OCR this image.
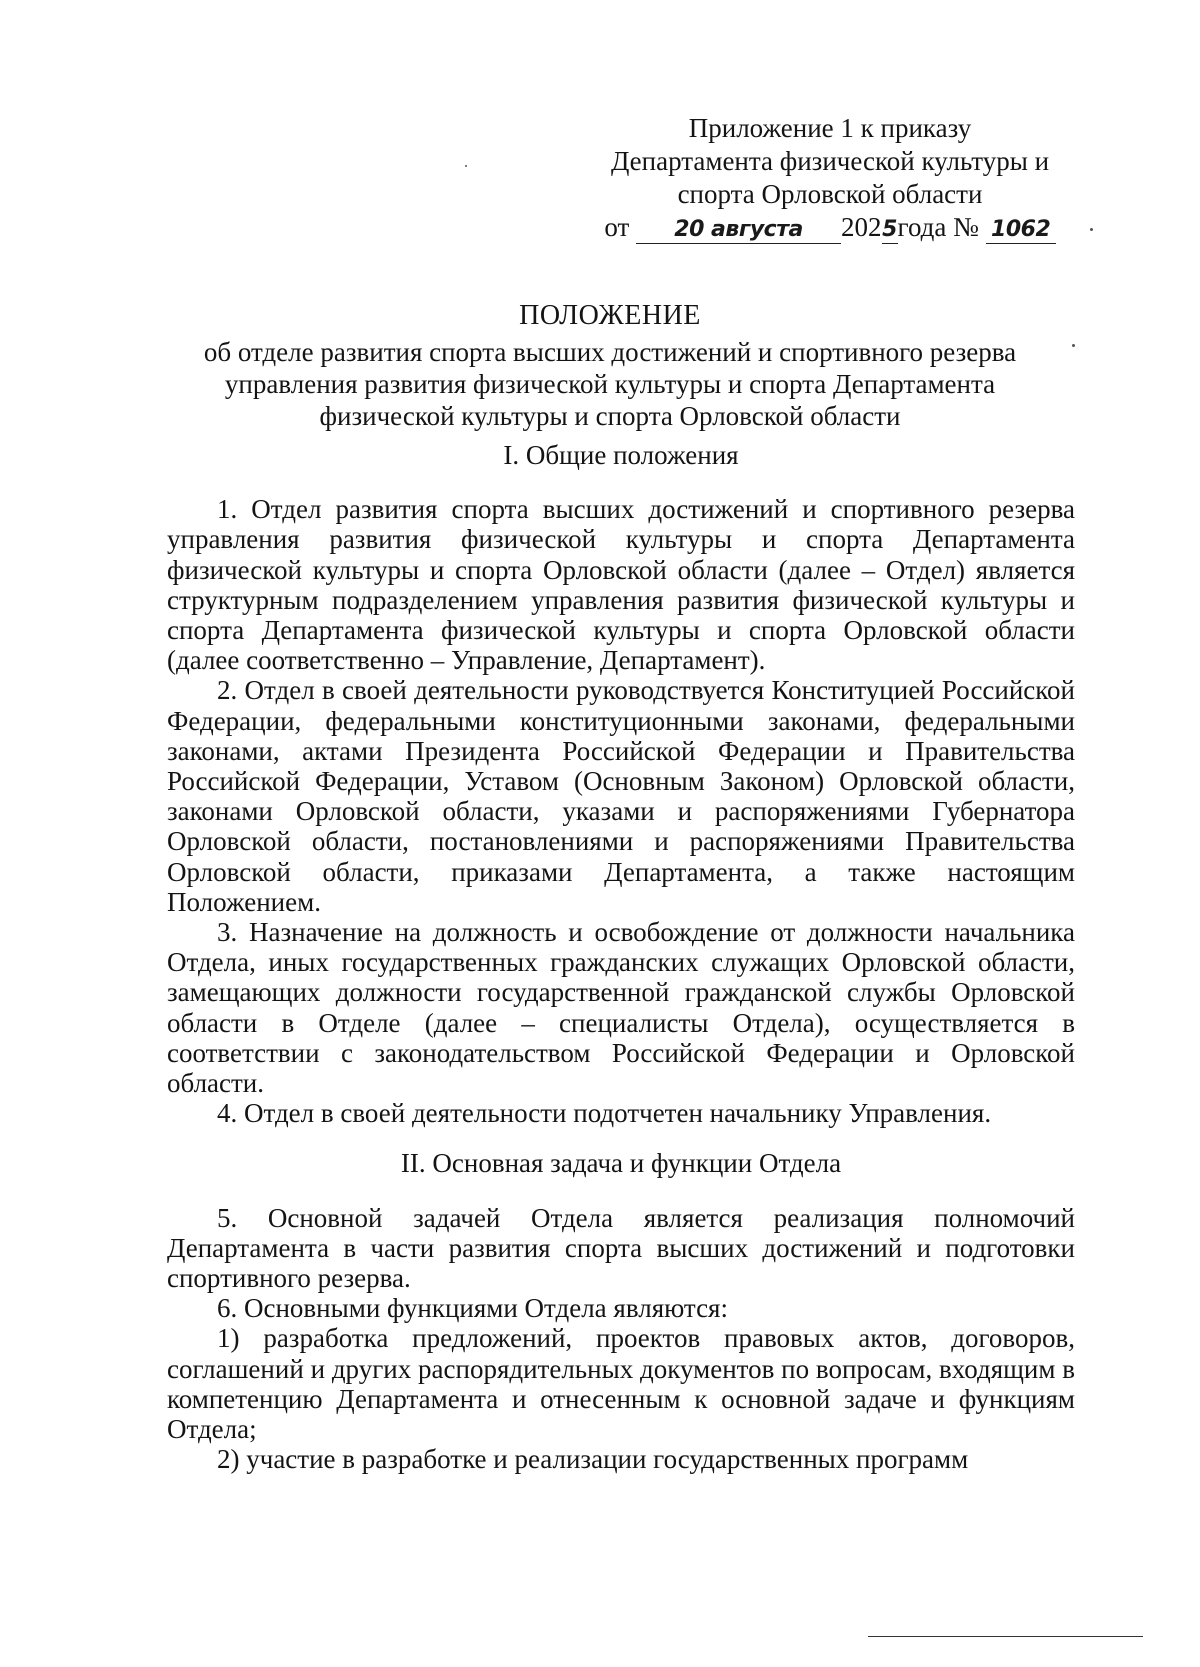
Приложение 1 к приказу
Департамента физической культуры и
спорта Орловской области
от 20 августа 2025года № 1062
ПОЛОЖЕНИЕ
об отделе развития спорта высших достижений и спортивного резерва управления развития физической культуры и спорта Департамента физической культуры и спорта Орловской области
I. Общие положения

1. Отдел развития спорта высших достижений и спортивного резерва управления развития физической культуры и спорта Департамента физической культуры и спорта Орловской области (далее – Отдел) является структурным подразделением управления развития физической культуры и спорта Департамента физической культуры и спорта Орловской области (далее соответственно – Управление, Департамент).

2. Отдел в своей деятельности руководствуется Конституцией Российской Федерации, федеральными конституционными законами, федеральными законами, актами Президента Российской Федерации и Правительства Российской Федерации, Уставом (Основным Законом) Орловской области, законами Орловской области, указами и распоряжениями Губернатора Орловской области, постановлениями и распоряжениями Правительства Орловской области, приказами Департамента, а также настоящим Положением.

3. Назначение на должность и освобождение от должности начальника Отдела, иных государственных гражданских служащих Орловской области, замещающих должности государственной гражданской службы Орловской области в Отделе (далее – специалисты Отдела), осуществляется в соответствии с законодательством Российской Федерации и Орловской области.

4. Отдел в своей деятельности подотчетен начальнику Управления.

II. Основная задача и функции Отдела

5. Основной задачей Отдела является реализация полномочий Департамента в части развития спорта высших достижений и подготовки спортивного резерва.

6. Основными функциями Отдела являются:

1) разработка предложений, проектов правовых актов, договоров, соглашений и других распорядительных документов по вопросам, входящим в компетенцию Департамента и отнесенным к основной задаче и функциям Отдела;

2) участие в разработке и реализации государственных программ
